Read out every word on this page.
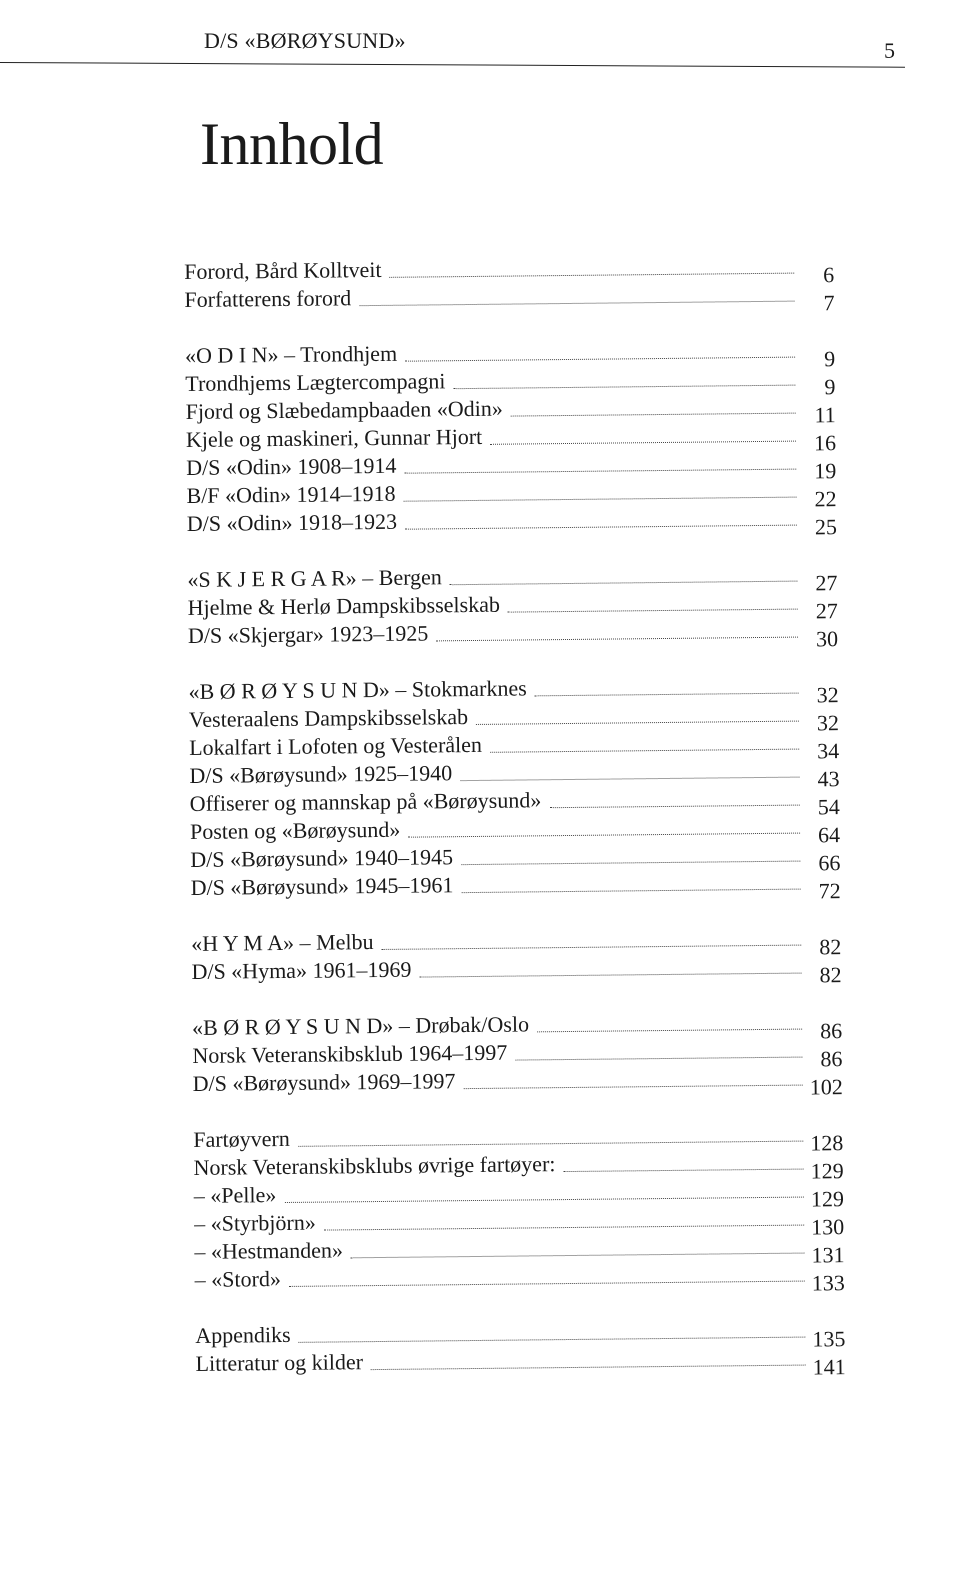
D/S «BØRØYSUND»	5
Innhold
Forord, Bård Kolltveit	6
Forfatterens forord	7
«O D I N» – Trondhjem	9
Trondhjems Lægtercompagni	9
Fjord og Slæbedampbaaden «Odin»	11
Kjele og maskineri, Gunnar Hjort	16
D/S «Odin» 1908–1914	19
B/F «Odin» 1914–1918	22
D/S «Odin» 1918–1923	25
«S K J E R G A R» – Bergen	27
Hjelme & Herlø Dampskibsselskab	27
D/S «Skjergar» 1923–1925	30
«B Ø R Ø Y S U N D» – Stokmarknes	32
Vesteraalens Dampskibsselskab	32
Lokalfart i Lofoten og Vesterålen	34
D/S «Børøysund» 1925–1940	43
Offiserer og mannskap på «Børøysund»	54
Posten og «Børøysund»	64
D/S «Børøysund» 1940–1945	66
D/S «Børøysund» 1945–1961	72
«H Y M A» – Melbu	82
D/S «Hyma» 1961–1969	82
«B Ø R Ø Y S U N D» – Drøbak/Oslo	86
Norsk Veteranskibsklub 1964–1997	86
D/S «Børøysund» 1969–1997	102
Fartøyvern	128
Norsk Veteranskibsklubs øvrige fartøyer:	129
– «Pelle»	129
– «Styrbjörn»	130
– «Hestmanden»	131
– «Stord»	133
Appendiks	135
Litteratur og kilder	141
